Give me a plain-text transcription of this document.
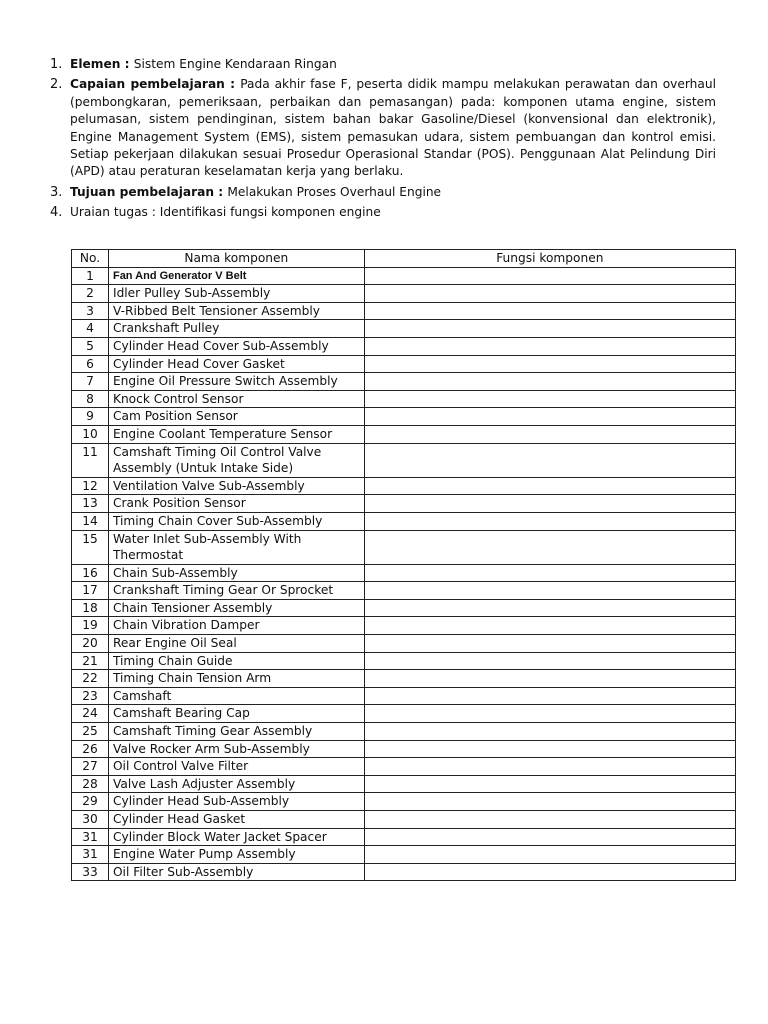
1. Elemen : Sistem Engine Kendaraan Ringan
2. Capaian pembelajaran : Pada akhir fase F, peserta didik mampu melakukan perawatan dan overhaul (pembongkaran, pemeriksaan, perbaikan dan pemasangan) pada: komponen utama engine, sistem pelumasan, sistem pendinginan, sistem bahan bakar Gasoline/Diesel (konvensional dan elektronik), Engine Management System (EMS), sistem pemasukan udara, sistem pembuangan dan kontrol emisi. Setiap pekerjaan dilakukan sesuai Prosedur Operasional Standar (POS). Penggunaan Alat Pelindung Diri (APD) atau peraturan keselamatan kerja yang berlaku.
3. Tujuan pembelajaran : Melakukan Proses Overhaul Engine
4. Uraian tugas : Identifikasi fungsi komponen engine
No.	Nama komponen	Fungsi komponen
1	Fan And Generator V Belt	
2	Idler Pulley Sub-Assembly	
3	V-Ribbed Belt Tensioner Assembly	
4	Crankshaft Pulley	
5	Cylinder Head Cover Sub-Assembly	
6	Cylinder Head Cover Gasket	
7	Engine Oil Pressure Switch Assembly	
8	Knock Control Sensor	
9	Cam Position Sensor	
10	Engine Coolant Temperature Sensor	
11	Camshaft Timing Oil Control Valve Assembly (Untuk Intake Side)	
12	Ventilation Valve Sub-Assembly	
13	Crank Position Sensor	
14	Timing Chain Cover Sub-Assembly	
15	Water Inlet Sub-Assembly With Thermostat	
16	Chain Sub-Assembly	
17	Crankshaft Timing Gear Or Sprocket	
18	Chain Tensioner Assembly	
19	Chain Vibration Damper	
20	Rear Engine Oil Seal	
21	Timing Chain Guide	
22	Timing Chain Tension Arm	
23	Camshaft	
24	Camshaft Bearing Cap	
25	Camshaft Timing Gear Assembly	
26	Valve Rocker Arm Sub-Assembly	
27	Oil Control Valve Filter	
28	Valve Lash Adjuster Assembly	
29	Cylinder Head Sub-Assembly	
30	Cylinder Head Gasket	
31	Cylinder Block Water Jacket Spacer	
31	Engine Water Pump Assembly	
33	Oil Filter Sub-Assembly	
